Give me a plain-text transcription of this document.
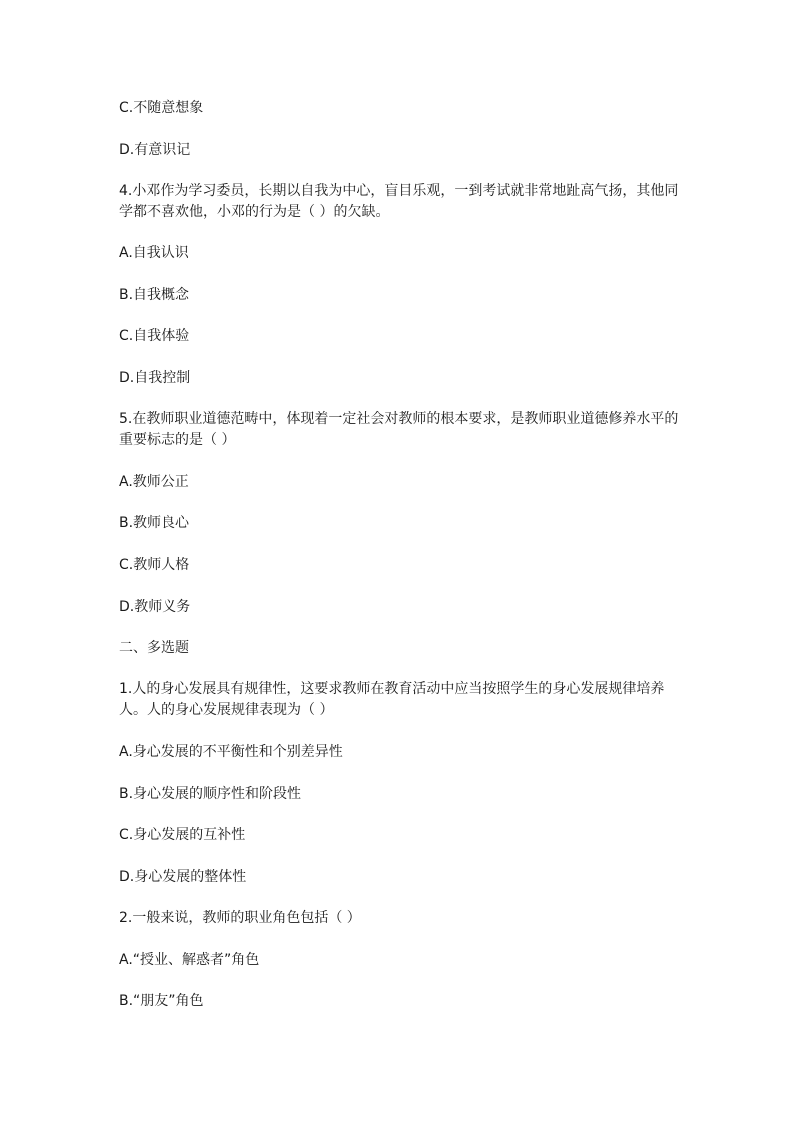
C.不随意想象
D.有意识记
4.小邓作为学习委员，长期以自我为中心，盲目乐观，一到考试就非常地趾高气扬，其他同学都不喜欢他，小邓的行为是（ ）的欠缺。
A.自我认识
B.自我概念
C.自我体验
D.自我控制
5.在教师职业道德范畴中，体现着一定社会对教师的根本要求，是教师职业道德修养水平的重要标志的是（ ）
A.教师公正
B.教师良心
C.教师人格
D.教师义务
二、多选题
1.人的身心发展具有规律性，这要求教师在教育活动中应当按照学生的身心发展规律培养人。人的身心发展规律表现为（ ）
A.身心发展的不平衡性和个别差异性
B.身心发展的顺序性和阶段性
C.身心发展的互补性
D.身心发展的整体性
2.一般来说，教师的职业角色包括（ ）
A.“授业、解惑者”角色
B.“朋友”角色
